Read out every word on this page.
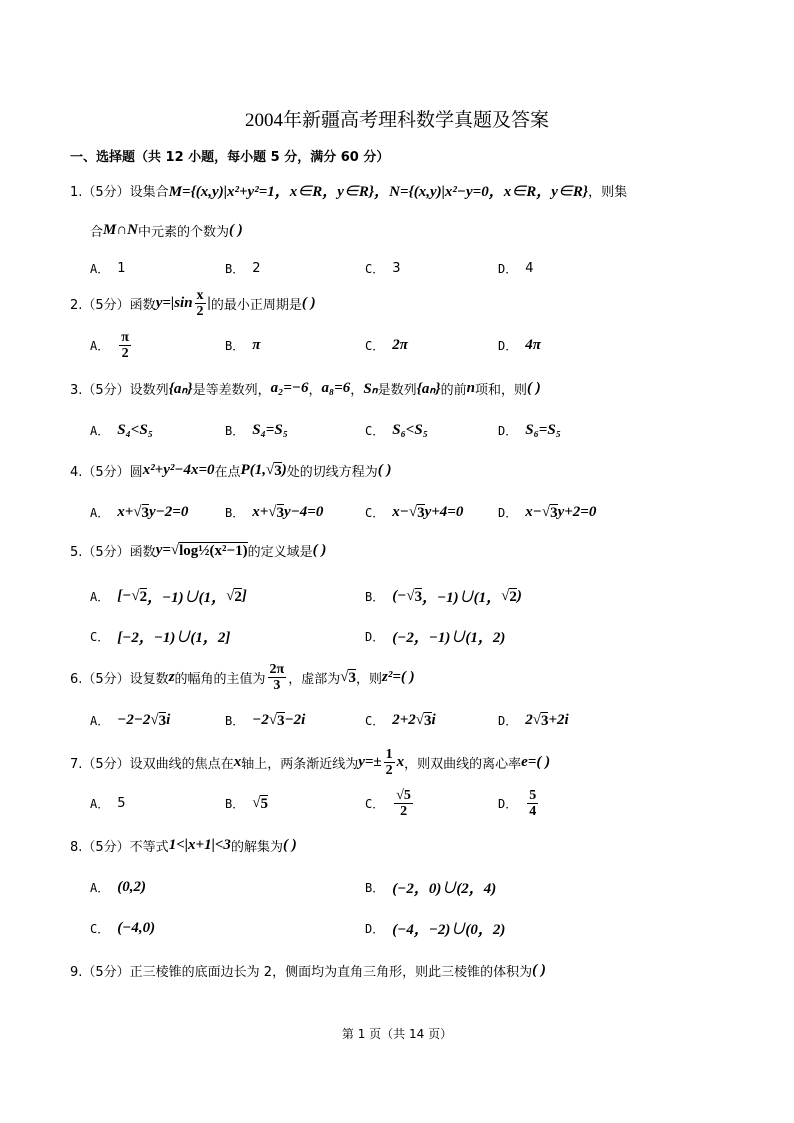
2004年新疆高考理科数学真题及答案
一、选择题（共 12 小题，每小题 5 分，满分 60 分）
1.（5分）设集合 M={(x,y)|x²+y²=1，x∈R，y∈R}，N={(x,y)|x²−y=0，x∈R，y∈R} ，则集
合 M∩N 中元素的个数为 ( )
A． 1	B． 2	C． 3	D． 4
2.（5分）函数 $y=|\sin \frac{x}{2}$ | 的最小正周期是 ( )
A． $\frac{\pi}{2}$	B． π	C． 2π	D． 4π
3.（5分）设数列 {aₙ} 是等差数列， a₂=−6 ， a₈=6 ， Sₙ 是数列 {aₙ} 的前 n 项和，则 ( )
A． S₄<S₅	B． S₄=S₅	C． S₆<S₅	D． S₆=S₅
4.（5分）圆 x²+y²−4x=0 在点 P(1, √ 3 ) 处的切线方程为 ( )
A． x+ √ 3 y−2=0	B． x+ √ 3 y−4=0	C． x− √ 3 y+4=0	D． x− √ 3 y+2=0
5.（5分）函数 y= √ log½(x²−1) 的定义域是 ( )
A． [− √ 2 ，−1)∪(1， √ 2 ]	B． (− √ 3 ，−1)∪(1， √ 2 )
C． [−2，−1)∪(1，2]	D． (−2，−1)∪(1，2)
6.（5分）设复数 z 的幅角的主值为 $\frac{2\pi}{3}$ ，虚部为 √ 3 ，则 z²=( )
A． −2−2 √ 3 i	B． −2 √ 3 −2i	C． 2+2 √ 3 i	D． 2 √ 3 +2i
7.（5分）设双曲线的焦点在 x 轴上，两条渐近线为 $y=\pm \frac{1}{2}$ x ，则双曲线的离心率 e=( )
A． 5	B． √ 5	C． $\frac{√5}{2}$	D． $\frac{5}{4}$
8.（5分）不等式 1<|x+1|<3 的解集为 ( )
A． (0,2)	B． (−2，0)∪(2，4)
C． (−4,0)	D． (−4，−2)∪(0，2)
9.（5分）正三棱锥的底面边长为 2，侧面均为直角三角形，则此三棱锥的体积为 ( )
第 1 页（共 14 页）
